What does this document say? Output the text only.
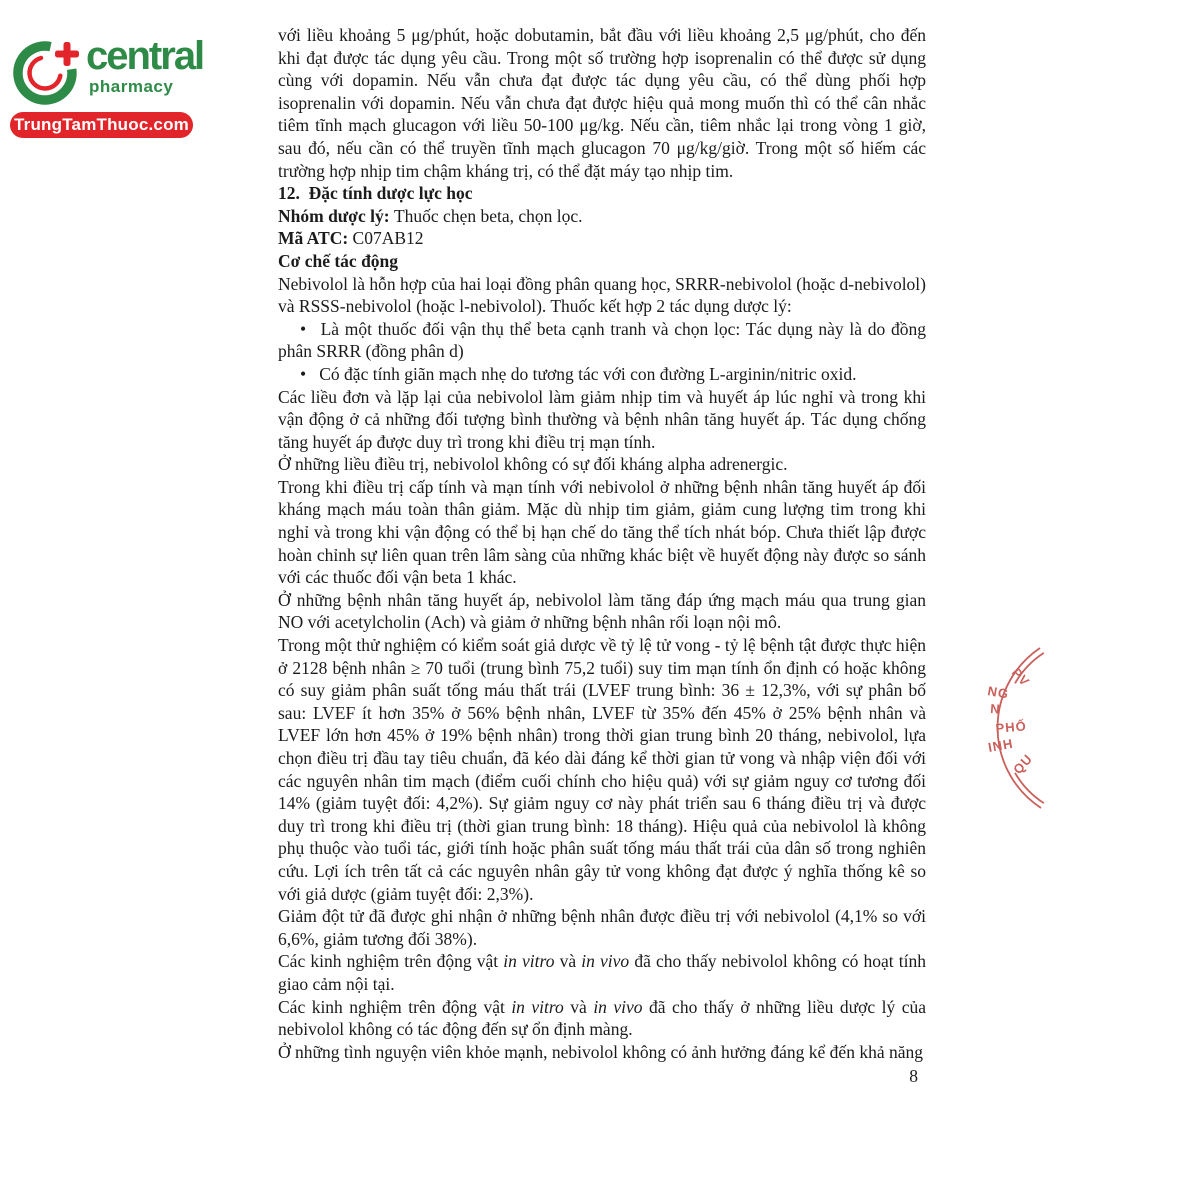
central
pharmacy
TrungTamThuoc.com

với liều khoảng 5 μg/phút, hoặc dobutamin, bắt đầu với liều khoảng 2,5 μg/phút, cho đến khi đạt được tác dụng yêu cầu. Trong một số trường hợp isoprenalin có thể được sử dụng cùng với dopamin. Nếu vẫn chưa đạt được tác dụng yêu cầu, có thể dùng phối hợp isoprenalin với dopamin. Nếu vẫn chưa đạt được hiệu quả mong muốn thì có thể cân nhắc tiêm tĩnh mạch glucagon với liều 50-100 μg/kg. Nếu cần, tiêm nhắc lại trong vòng 1 giờ, sau đó, nếu cần có thể truyền tĩnh mạch glucagon 70 μg/kg/giờ. Trong một số hiếm các trường hợp nhịp tim chậm kháng trị, có thể đặt máy tạo nhịp tim.

12. Đặc tính dược lực học

Nhóm dược lý: Thuốc chẹn beta, chọn lọc.

Mã ATC: C07AB12

Cơ chế tác động

Nebivolol là hỗn hợp của hai loại đồng phân quang học, SRRR-nebivolol (hoặc d-nebivolol) và RSSS-nebivolol (hoặc l-nebivolol). Thuốc kết hợp 2 tác dụng dược lý:

•  Là một thuốc đối vận thụ thể beta cạnh tranh và chọn lọc: Tác dụng này là do đồng phân SRRR (đồng phân d)

•  Có đặc tính giãn mạch nhẹ do tương tác với con đường L-arginin/nitric oxid.

Các liều đơn và lặp lại của nebivolol làm giảm nhịp tim và huyết áp lúc nghỉ và trong khi vận động ở cả những đối tượng bình thường và bệnh nhân tăng huyết áp. Tác dụng chống tăng huyết áp được duy trì trong khi điều trị mạn tính.

Ở những liều điều trị, nebivolol không có sự đối kháng alpha adrenergic.

Trong khi điều trị cấp tính và mạn tính với nebivolol ở những bệnh nhân tăng huyết áp đối kháng mạch máu toàn thân giảm. Mặc dù nhịp tim giảm, giảm cung lượng tim trong khi nghỉ và trong khi vận động có thể bị hạn chế do tăng thể tích nhát bóp. Chưa thiết lập được hoàn chỉnh sự liên quan trên lâm sàng của những khác biệt về huyết động này được so sánh với các thuốc đối vận beta 1 khác.

Ở những bệnh nhân tăng huyết áp, nebivolol làm tăng đáp ứng mạch máu qua trung gian NO với acetylcholin (Ach) và giảm ở những bệnh nhân rối loạn nội mô.

Trong một thử nghiệm có kiểm soát giả dược về tỷ lệ tử vong - tỷ lệ bệnh tật được thực hiện ở 2128 bệnh nhân ≥ 70 tuổi (trung bình 75,2 tuổi) suy tim mạn tính ổn định có hoặc không có suy giảm phân suất tống máu thất trái (LVEF trung bình: 36 ± 12,3%, với sự phân bố sau: LVEF ít hơn 35% ở 56% bệnh nhân, LVEF từ 35% đến 45% ở 25% bệnh nhân và LVEF lớn hơn 45% ở 19% bệnh nhân) trong thời gian trung bình 20 tháng, nebivolol, lựa chọn điều trị đầu tay tiêu chuẩn, đã kéo dài đáng kể thời gian tử vong và nhập viện đối với các nguyên nhân tim mạch (điểm cuối chính cho hiệu quả) với sự giảm nguy cơ tương đối 14% (giảm tuyệt đối: 4,2%). Sự giảm nguy cơ này phát triển sau 6 tháng điều trị và được duy trì trong khi điều trị (thời gian trung bình: 18 tháng). Hiệu quả của nebivolol là không phụ thuộc vào tuổi tác, giới tính hoặc phân suất tống máu thất trái của dân số trong nghiên cứu. Lợi ích trên tất cả các nguyên nhân gây tử vong không đạt được ý nghĩa thống kê so với giả dược (giảm tuyệt đối: 2,3%).

Giảm đột tử đã được ghi nhận ở những bệnh nhân được điều trị với nebivolol (4,1% so với 6,6%, giảm tương đối 38%).

Các kinh nghiệm trên động vật in vitro và in vivo đã cho thấy nebivolol không có hoạt tính giao cảm nội tại.

Các kinh nghiệm trên động vật in vitro và in vivo đã cho thấy ở những liều dược lý của nebivolol không có tác động đến sự ổn định màng.

Ở những tình nguyện viên khỏe mạnh, nebivolol không có ảnh hưởng đáng kể đến khả năng

8
PV
NG
N
PHỐ
INH
QU
